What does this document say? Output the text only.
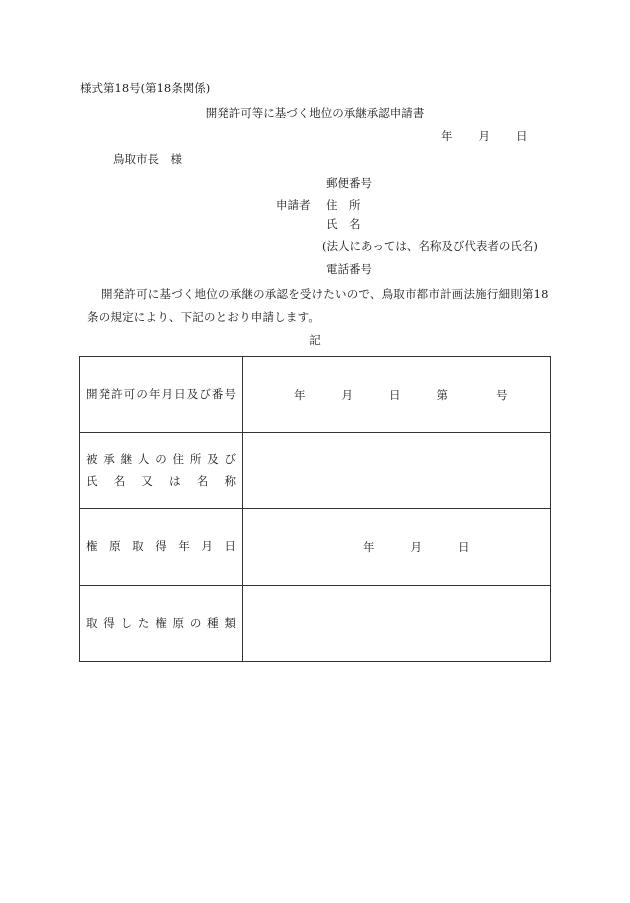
様式第18号(第18条関係)
開発許可等に基づく地位の承継承認申請書
年 月 日
鳥取市長　様
郵便番号
申請者 住　所
氏　名
(法人にあっては、名称及び代表者の氏名)
電話番号
開発許可に基づく地位の承継の承認を受けたいので、鳥取市都市計画法施行細則第18
条の規定により、下記のとおり申請します。
記
開発許可の年月日及び番号	年 月 日 第 号

被承継人の住所及び
氏名又は名称	

権原取得年月日	年 月 日

取得した権原の種類	
